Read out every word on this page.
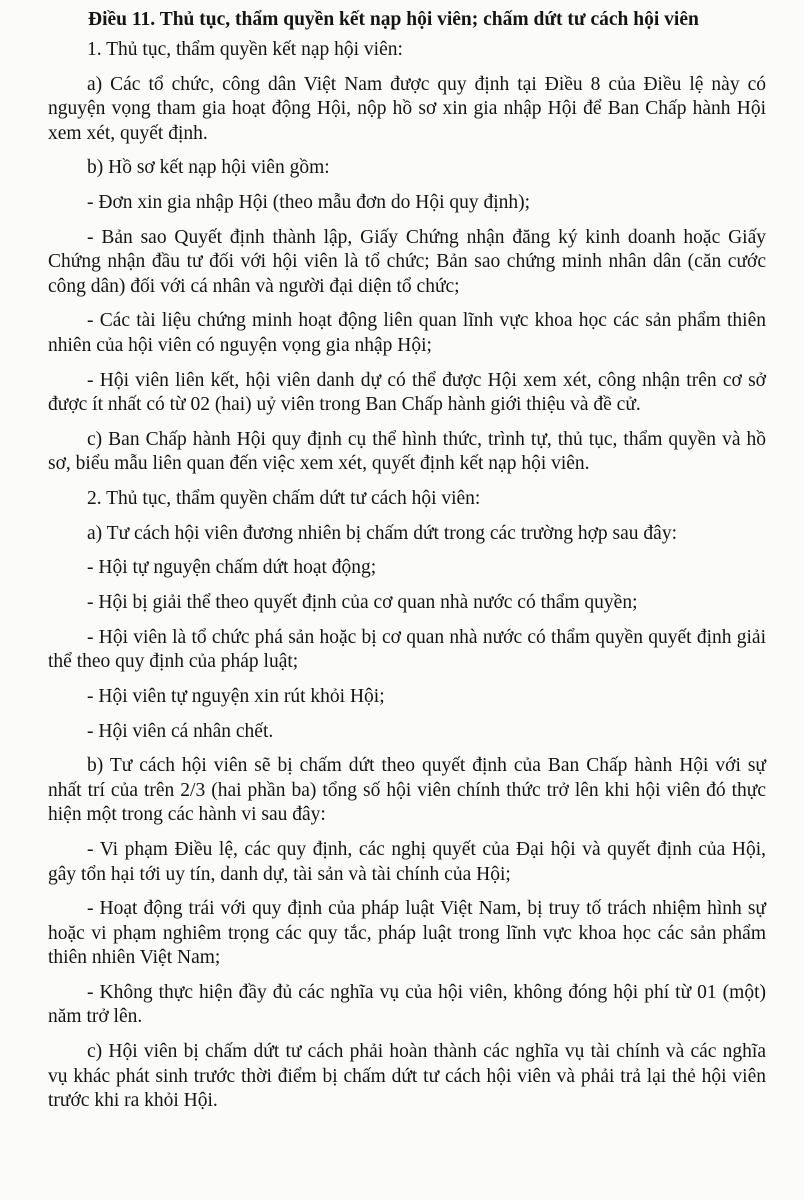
Điều 11. Thủ tục, thẩm quyền kết nạp hội viên; chấm dứt tư cách hội viên

1. Thủ tục, thẩm quyền kết nạp hội viên:

a) Các tổ chức, công dân Việt Nam được quy định tại Điều 8 của Điều lệ này có nguyện vọng tham gia hoạt động Hội, nộp hồ sơ xin gia nhập Hội để Ban Chấp hành Hội xem xét, quyết định.

b) Hồ sơ kết nạp hội viên gồm:

- Đơn xin gia nhập Hội (theo mẫu đơn do Hội quy định);

- Bản sao Quyết định thành lập, Giấy Chứng nhận đăng ký kinh doanh hoặc Giấy Chứng nhận đầu tư đối với hội viên là tổ chức; Bản sao chứng minh nhân dân (căn cước công dân) đối với cá nhân và người đại diện tổ chức;

- Các tài liệu chứng minh hoạt động liên quan lĩnh vực khoa học các sản phẩm thiên nhiên của hội viên có nguyện vọng gia nhập Hội;

- Hội viên liên kết, hội viên danh dự có thể được Hội xem xét, công nhận trên cơ sở được ít nhất có từ 02 (hai) uỷ viên trong Ban Chấp hành giới thiệu và đề cử.

c) Ban Chấp hành Hội quy định cụ thể hình thức, trình tự, thủ tục, thẩm quyền và hồ sơ, biểu mẫu liên quan đến việc xem xét, quyết định kết nạp hội viên.

2. Thủ tục, thẩm quyền chấm dứt tư cách hội viên:

a) Tư cách hội viên đương nhiên bị chấm dứt trong các trường hợp sau đây:

- Hội tự nguyện chấm dứt hoạt động;

- Hội bị giải thể theo quyết định của cơ quan nhà nước có thẩm quyền;

- Hội viên là tổ chức phá sản hoặc bị cơ quan nhà nước có thẩm quyền quyết định giải thể theo quy định của pháp luật;

- Hội viên tự nguyện xin rút khỏi Hội;

- Hội viên cá nhân chết.

b) Tư cách hội viên sẽ bị chấm dứt theo quyết định của Ban Chấp hành Hội với sự nhất trí của trên 2/3 (hai phần ba) tổng số hội viên chính thức trở lên khi hội viên đó thực hiện một trong các hành vi sau đây:

- Vi phạm Điều lệ, các quy định, các nghị quyết của Đại hội và quyết định của Hội, gây tổn hại tới uy tín, danh dự, tài sản và tài chính của Hội;

- Hoạt động trái với quy định của pháp luật Việt Nam, bị truy tố trách nhiệm hình sự hoặc vi phạm nghiêm trọng các quy tắc, pháp luật trong lĩnh vực khoa học các sản phẩm thiên nhiên Việt Nam;

- Không thực hiện đầy đủ các nghĩa vụ của hội viên, không đóng hội phí từ 01 (một) năm trở lên.

c) Hội viên bị chấm dứt tư cách phải hoàn thành các nghĩa vụ tài chính và các nghĩa vụ khác phát sinh trước thời điểm bị chấm dứt tư cách hội viên và phải trả lại thẻ hội viên trước khi ra khỏi Hội.
